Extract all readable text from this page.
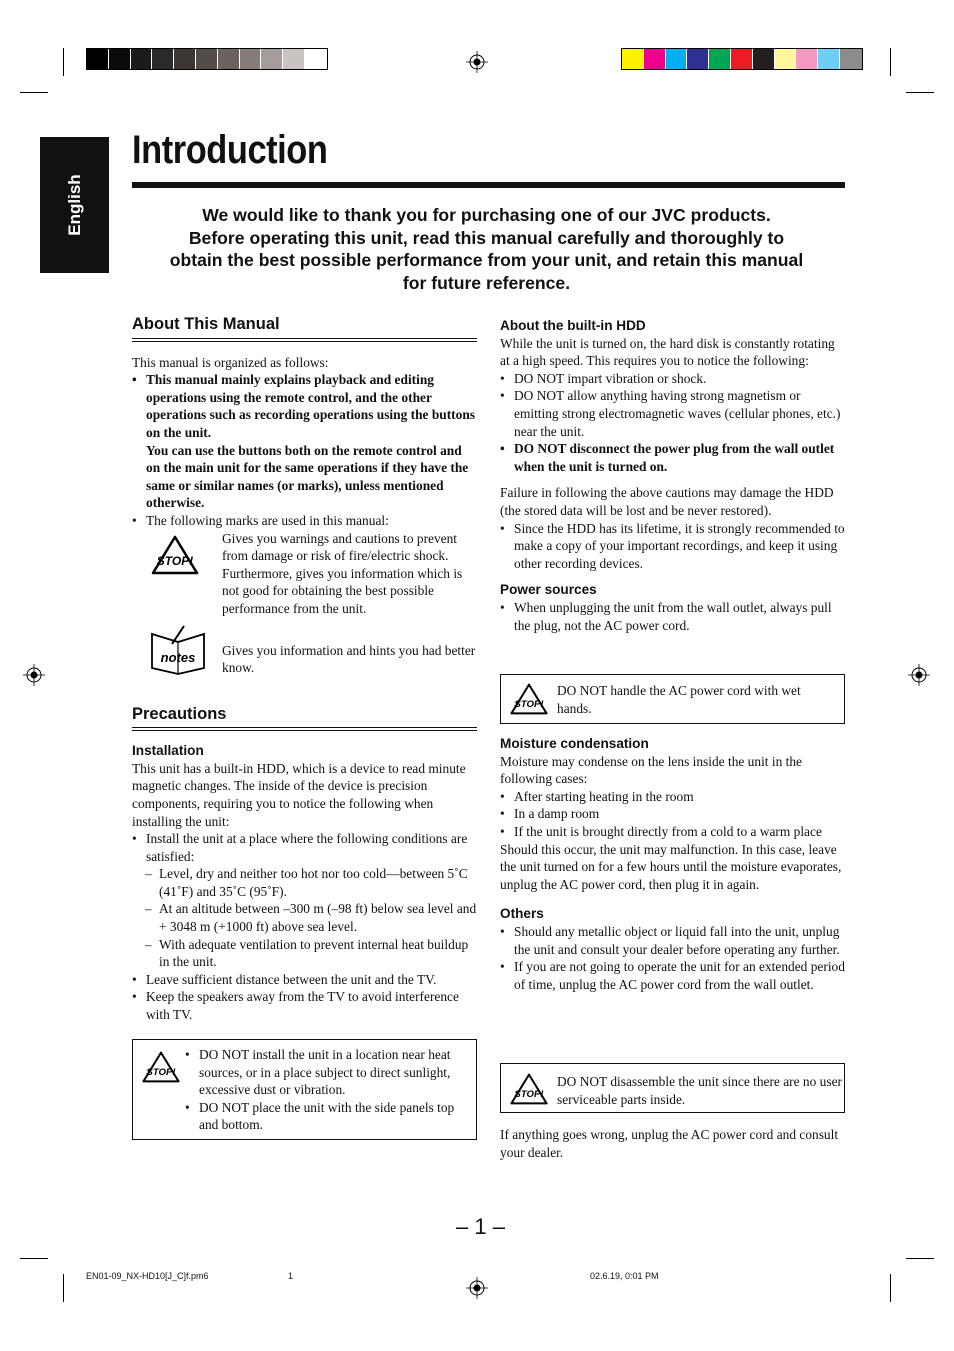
English
Introduction
We would like to thank you for purchasing one of our JVC products.
Before operating this unit, read this manual carefully and thoroughly to
obtain the best possible performance from your unit, and retain this manual
for future reference.
About This Manual

This manual is organized as follows:

• This manual mainly explains playback and editing operations using the remote control, and the other operations such as recording operations using the buttons on the unit.
You can use the buttons both on the remote control and on the main unit for the same operations if they have the same or similar names (or marks), unless mentioned otherwise.
• The following marks are used in this manual:
STOP!

Gives you warnings and cautions to prevent from damage or risk of fire/electric shock. Furthermore, gives you information which is not good for obtaining the best possible performance from the unit.

notes Gives you information and hints you had better know.

Precautions
Installation

This unit has a built-in HDD, which is a device to read minute magnetic changes. The inside of the device is precision components, requiring you to notice the following when installing the unit:

• Install the unit at a place where the following conditions are satisfied:
– Level, dry and neither too hot nor too cold—between 5˚C (41˚F) and 35˚C (95˚F).
– At an altitude between –300 m (–98 ft) below sea level and + 3048 m (+1000 ft) above sea level.
– With adequate ventilation to prevent internal heat buildup in the unit.
• Leave sufficient distance between the unit and the TV.
• Keep the speakers away from the TV to avoid interference with TV.
STOP!
• DO NOT install the unit in a location near heat sources, or in a place subject to direct sunlight, excessive dust or vibration.
• DO NOT place the unit with the side panels top and bottom.
About the built-in HDD

While the unit is turned on, the hard disk is constantly rotating at a high speed. This requires you to notice the following:

• DO NOT impart vibration or shock.
• DO NOT allow anything having strong magnetism or emitting strong electromagnetic waves (cellular phones, etc.) near the unit.
• DO NOT disconnect the power plug from the wall outlet when the unit is turned on.

Failure in following the above cautions may damage the HDD (the stored data will be lost and be never restored).

• Since the HDD has its lifetime, it is strongly recommended to make a copy of your important recordings, and keep it using other recording devices.
Power sources
• When unplugging the unit from the wall outlet, always pull the plug, not the AC power cord.
STOP!

DO NOT handle the AC power cord with wet hands.

Moisture condensation

Moisture may condense on the lens inside the unit in the following cases:

• After starting heating in the room
• In a damp room
• If the unit is brought directly from a cold to a warm place

Should this occur, the unit may malfunction. In this case, leave the unit turned on for a few hours until the moisture evaporates, unplug the AC power cord, then plug it in again.

Others
• Should any metallic object or liquid fall into the unit, unplug the unit and consult your dealer before operating any further.
• If you are not going to operate the unit for an extended period of time, unplug the AC power cord from the wall outlet.
STOP!

DO NOT disassemble the unit since there are no user serviceable parts inside.

If anything goes wrong, unplug the AC power cord and consult your dealer.

– 1 –
EN01-09_NX-HD10[J_C]f.pm6	1	02.6.19, 0:01 PM
